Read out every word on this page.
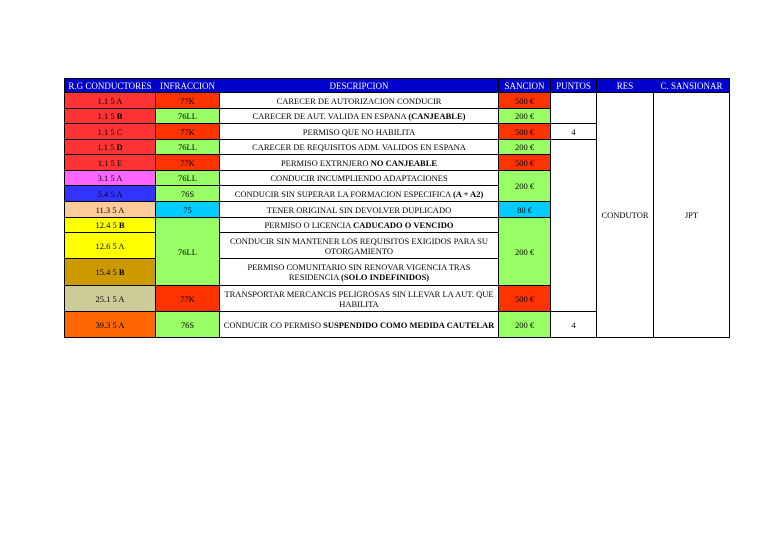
R.G CONDUCTORES	INFRACCION	DESCRIPCION	SANCION	PUNTOS	RES	C. SANSIONAR
1.1 5 A	77K	CARECER DE AUTORIZACION CONDUCIR	500 €		CONDUTOR	JPT
1.1 5 B	76LL	CARECER DE AUT. VALIDA EN ESPANA (CANJEABLE)	200 €			
1.1 5 C	77K	PERMISO QUE NO HABILITA	500 €	4		
1.1 5 D	76LL	CARECER DE REQUISITOS ADM. VALIDOS EN ESPANA	200 €			
1.1 5 E	77K	PERMISO EXTRNJERO NO CANJEABLE	500 €			
3.1 5 A	76LL	CONDUCIR INCUMPLIENDO ADAPTACIONES	200 €			
5.4 5 A	76S	CONDUCIR SIN SUPERAR LA FORMACION ESPECIFICA (A + A2)				
11.3 5 A	75	TENER ORIGINAL SIN DEVOLVER DUPLICADO	80 €			
12.4 5 B	76LL	PERMISO O LICENCIA CADUCADO O VENCIDO	200 €			
12.6 5 A		CONDUCIR SIN MANTENER LOS REQUISITOS EXIGIDOS PARA SU OTORGAMIENTO				
15.4 5 B		PERMISO COMUNITARIO SIN RENOVAR VIGENCIA TRAS RESIDENCIA (SOLO INDEFINIDOS)				
25.1 5 A	77K	TRANSPORTAR MERCANCIS PELIGROSAS SIN LLEVAR LA AUT. QUE HABILITA	500 €			
39.3 5 A	76S	CONDUCIR CO PERMISO SUSPENDIDO COMO MEDIDA CAUTELAR	200 €	4		
